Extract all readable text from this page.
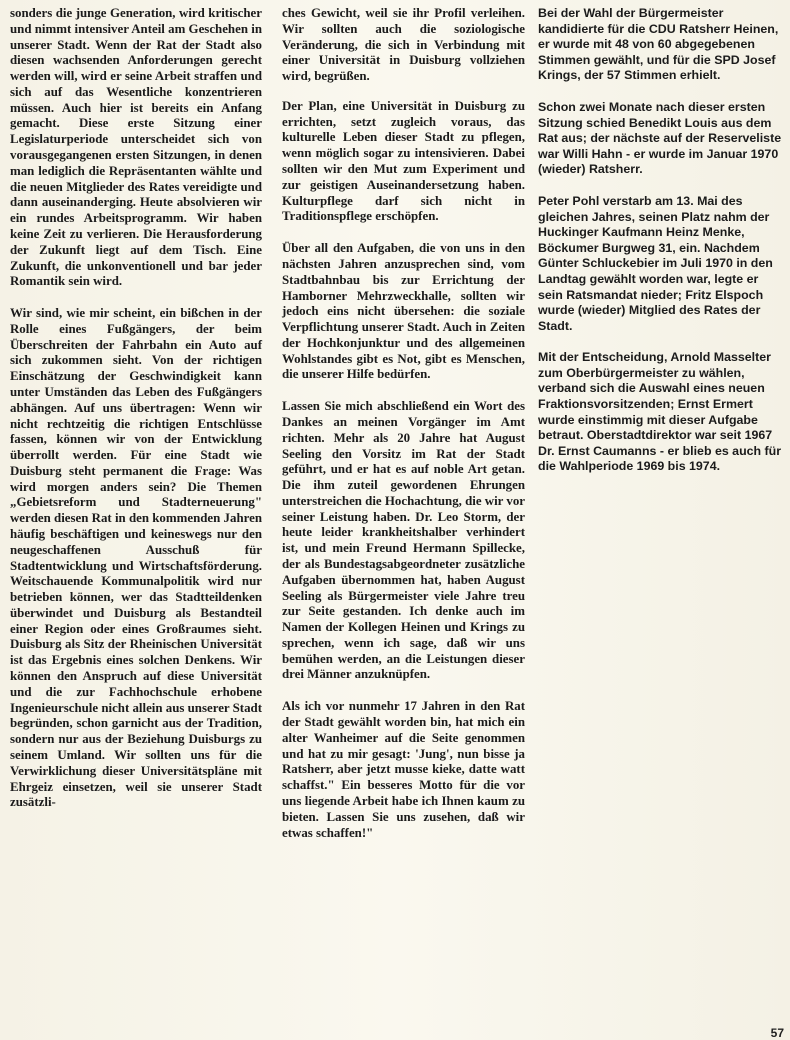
sonders die junge Generation, wird kritischer und nimmt intensiver Anteil am Geschehen in unserer Stadt. Wenn der Rat der Stadt also diesen wachsenden Anforderungen gerecht werden will, wird er seine Arbeit straffen und sich auf das Wesentliche konzentrieren müssen. Auch hier ist bereits ein Anfang gemacht. Diese erste Sitzung einer Legislaturperiode unterscheidet sich von vorausgegangenen ersten Sitzungen, in denen man lediglich die Repräsentanten wählte und die neuen Mitglieder des Rates vereidigte und dann auseinanderging. Heute absolvieren wir ein rundes Arbeitsprogramm. Wir haben keine Zeit zu verlieren. Die Herausforderung der Zukunft liegt auf dem Tisch. Eine Zukunft, die unkonventionell und bar jeder Romantik sein wird.

Wir sind, wie mir scheint, ein bißchen in der Rolle eines Fußgängers, der beim Überschreiten der Fahrbahn ein Auto auf sich zukommen sieht. Von der richtigen Einschätzung der Geschwindigkeit kann unter Umständen das Leben des Fußgängers abhängen. Auf uns übertragen: Wenn wir nicht rechtzeitig die richtigen Entschlüsse fassen, können wir von der Entwicklung überrollt werden. Für eine Stadt wie Duisburg steht permanent die Frage: Was wird morgen anders sein? Die Themen „Gebietsreform und Stadterneuerung" werden diesen Rat in den kommenden Jahren häufig beschäftigen und keineswegs nur den neugeschaffenen Ausschuß für Stadtentwicklung und Wirtschaftsförderung. Weitschauende Kommunalpolitik wird nur betrieben können, wer das Stadtteildenken überwindet und Duisburg als Bestandteil einer Region oder eines Großraumes sieht. Duisburg als Sitz der Rheinischen Universität ist das Ergebnis eines solchen Denkens. Wir können den Anspruch auf diese Universität und die zur Fachhochschule erhobene Ingenieurschule nicht allein aus unserer Stadt begründen, schon garnicht aus der Tradition, sondern nur aus der Beziehung Duisburgs zu seinem Umland. Wir sollten uns für die Verwirklichung dieser Universitätspläne mit Ehrgeiz einsetzen, weil sie unserer Stadt zusätzli-

ches Gewicht, weil sie ihr Profil verleihen. Wir sollten auch die soziologische Veränderung, die sich in Verbindung mit einer Universität in Duisburg vollziehen wird, begrüßen.

Der Plan, eine Universität in Duisburg zu errichten, setzt zugleich voraus, das kulturelle Leben dieser Stadt zu pflegen, wenn möglich sogar zu intensivieren. Dabei sollten wir den Mut zum Experiment und zur geistigen Auseinandersetzung haben. Kulturpflege darf sich nicht in Traditionspflege erschöpfen.

Über all den Aufgaben, die von uns in den nächsten Jahren anzusprechen sind, vom Stadtbahnbau bis zur Errichtung der Hamborner Mehrzweckhalle, sollten wir jedoch eins nicht übersehen: die soziale Verpflichtung unserer Stadt. Auch in Zeiten der Hochkonjunktur und des allgemeinen Wohlstandes gibt es Not, gibt es Menschen, die unserer Hilfe bedürfen.

Lassen Sie mich abschließend ein Wort des Dankes an meinen Vorgänger im Amt richten. Mehr als 20 Jahre hat August Seeling den Vorsitz im Rat der Stadt geführt, und er hat es auf noble Art getan. Die ihm zuteil gewordenen Ehrungen unterstreichen die Hochachtung, die wir vor seiner Leistung haben. Dr. Leo Storm, der heute leider krankheitshalber verhindert ist, und mein Freund Hermann Spillecke, der als Bundestagsabgeordneter zusätzliche Aufgaben übernommen hat, haben August Seeling als Bürgermeister viele Jahre treu zur Seite gestanden. Ich denke auch im Namen der Kollegen Heinen und Krings zu sprechen, wenn ich sage, daß wir uns bemühen werden, an die Leistungen dieser drei Männer anzuknüpfen.

Als ich vor nunmehr 17 Jahren in den Rat der Stadt gewählt worden bin, hat mich ein alter Wanheimer auf die Seite genommen und hat zu mir gesagt: 'Jung', nun bisse ja Ratsherr, aber jetzt musse kieke, datte watt schaffst." Ein besseres Motto für die vor uns liegende Arbeit habe ich Ihnen kaum zu bieten. Lassen Sie uns zusehen, daß wir etwas schaffen!"

Bei der Wahl der Bürgermeister kandidierte für die CDU Ratsherr Heinen, er wurde mit 48 von 60 abgegebenen Stimmen gewählt, und für die SPD Josef Krings, der 57 Stimmen erhielt.

Schon zwei Monate nach dieser ersten Sitzung schied Benedikt Louis aus dem Rat aus; der nächste auf der Reserveliste war Willi Hahn - er wurde im Januar 1970 (wieder) Ratsherr.

Peter Pohl verstarb am 13. Mai des gleichen Jahres, seinen Platz nahm der Huckinger Kaufmann Heinz Menke, Böckumer Burgweg 31, ein. Nachdem Günter Schluckebier im Juli 1970 in den Landtag gewählt worden war, legte er sein Ratsmandat nieder; Fritz Elspoch wurde (wieder) Mitglied des Rates der Stadt.

Mit der Entscheidung, Arnold Masselter zum Oberbürgermeister zu wählen, verband sich die Auswahl eines neuen Fraktionsvorsitzenden; Ernst Ermert wurde einstimmig mit dieser Aufgabe betraut. Oberstadtdirektor war seit 1967 Dr. Ernst Caumanns - er blieb es auch für die Wahlperiode 1969 bis 1974.

57
